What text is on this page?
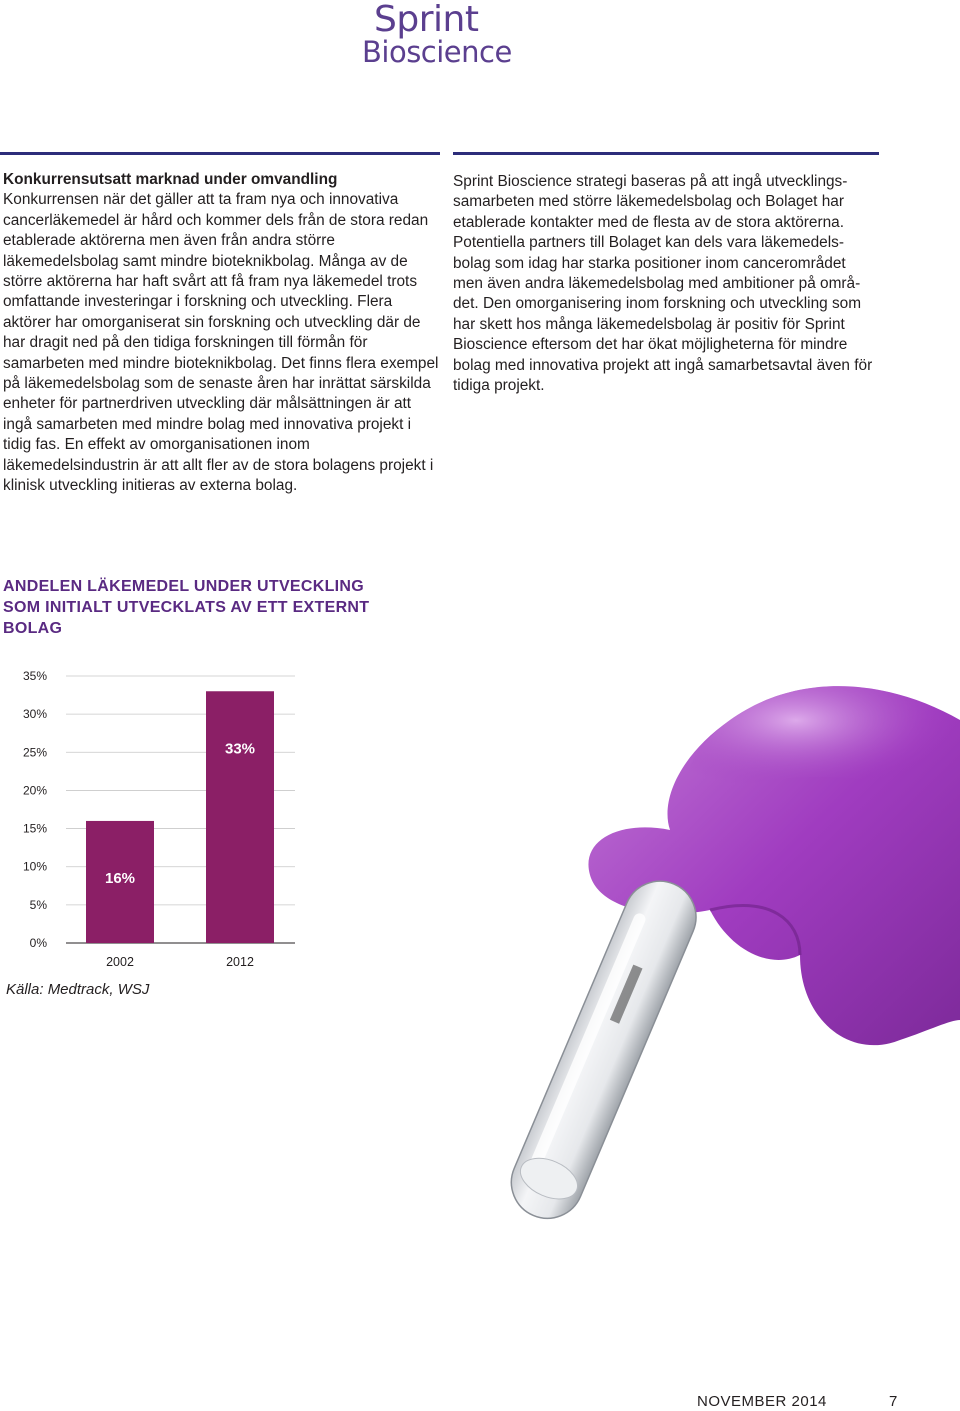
Sprint
Bioscience
Konkurrensutsatt marknad under omvandling

Konkurrensen när det gäller att ta fram nya och innovativa cancerläkemedel är hård och kommer dels från de stora redan etablerade aktörerna men även från andra större läkemedelsbolag samt mindre bioteknikbolag. Många av de större aktörerna har haft svårt att få fram nya läkemedel trots omfattande investeringar i forskning och utveckling. Flera aktörer har omorganiserat sin forskning och utveckling där de har dragit ned på den tidiga forskningen till förmån för samarbeten med mindre bioteknikbolag. Det finns flera exempel på läkemedelsbolag som de senaste åren har inrättat särskilda enheter för partnerdriven utveckling där målsättningen är att ingå samarbeten med mindre bolag med innovativa projekt i tidig fas. En effekt av omorganisationen inom läkemedelsindustrin är att allt fler av de stora bolagens projekt i klinisk utveckling initieras av externa bolag.

Sprint Bioscience strategi baseras på att ingå utvecklings-samarbeten med större läkemedelsbolag och Bolaget har etablerade kontakter med de flesta av de stora aktörerna. Potentiella partners till Bolaget kan dels vara läkemedels-bolag som idag har starka positioner inom cancerområdet men även andra läkemedelsbolag med ambitioner på områ-det. Den omorganisering inom forskning och utveckling som har skett hos många läkemedelsbolag är positiv för Sprint Bioscience eftersom det har ökat möjligheterna för mindre bolag med innovativa projekt att ingå samarbetsavtal även för tidiga projekt.

ANDELEN LÄKEMEDEL UNDER UTVECKLING SOM INITIALT UTVECKLATS AV ETT EXTERNT BOLAG
0%
5%
10%
15%
20%
25%
30%
35%
16%
2002
33%
2012
Källa: Medtrack, WSJ
NOVEMBER 2014	7
